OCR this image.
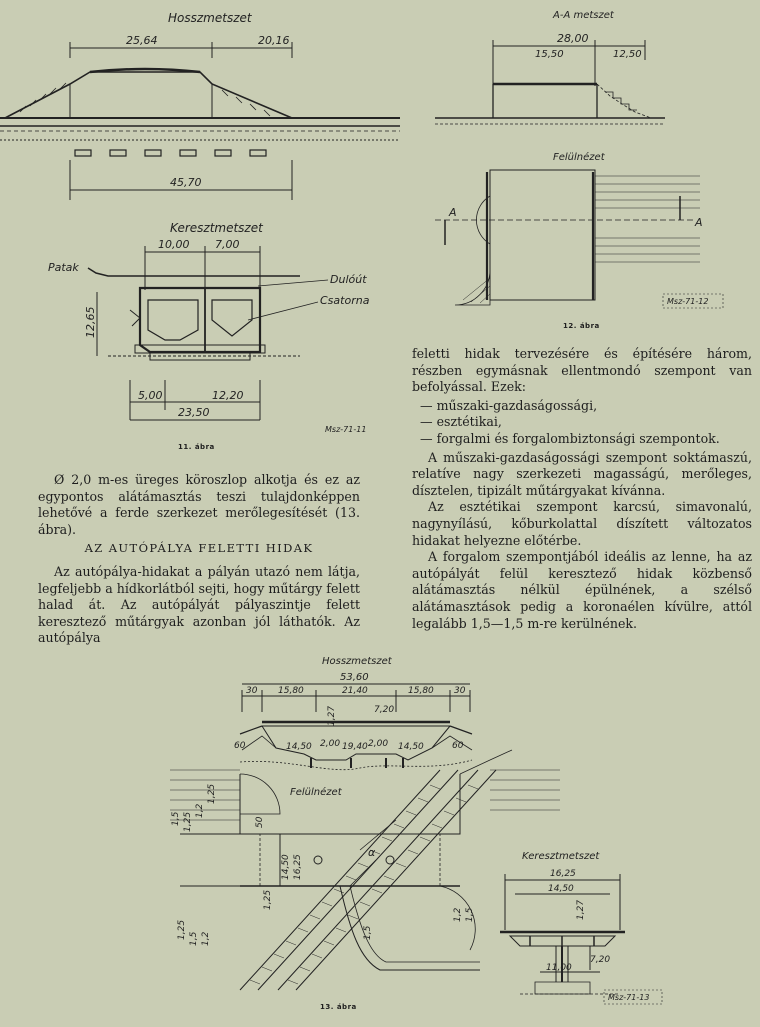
Hosszmetszet
25,64	20,16
45,70
Keresztmetszet
10,00 7,00
Patak
Dulóút
Csatorna
12,65
5,00	12,20
23,50
Msz-71-11
11. ábra
A-A metszet
28,00
15,50	12,50
Felülnézet
A
A
Msz-71-12
12. ábra

Ø 2,0 m-es üreges köroszlop alkotja és ez az egypontos alátámasztás teszi tulajdonképpen lehetővé a ferde szerkezet merőlegesítését (13. ábra).

AZ AUTÓPÁLYA FELETTI HIDAK

Az autópálya-hidakat a pályán utazó nem látja, legfeljebb a hídkorlátból sejti, hogy műtárgy felett halad át. Az autópályát pályaszintje felett keresztező műtárgyak azonban jól láthatók. Az autópálya

feletti hidak tervezésére és építésére három, részben egymásnak ellentmondó szempont van befolyással. Ezek:

— műszaki-gazdaságossági,
— esztétikai,
— forgalmi és forgalombiztonsági szempontok.

A műszaki-gazdaságossági szempont soktámaszú, relatíve nagy szerkezeti magasságú, merőleges, dísztelen, tipizált műtárgyakat kívánna.

Az esztétikai szempont karcsú, simavonalú, nagynyílású, kőburkolattal díszített változatos hidakat helyezne előtérbe.

A forgalom szempontjából ideális az lenne, ha az autópályát felül keresztező hidak közbenső alátámasztás nélkül épülnének, a szélső alátámasztások pedig a koronaélen kívülre, attól legalább 1,5—1,5 m-re kerülnének.

Hosszmetszet
53,60
30 15,80	21,40	15,80 30
7,20
1,27
60	14,50 2,00 19,40 2,00 14,50	60
Felülnézet
α
1,25
1,2
1,25
1,5	50
14,50 16,25
1,25 1,5 1,2
1,25
1,5
1,2 1,5
Keresztmetszet
16,25
14,50
1,27
7,20
11,00
Msz-71-13
13. ábra
